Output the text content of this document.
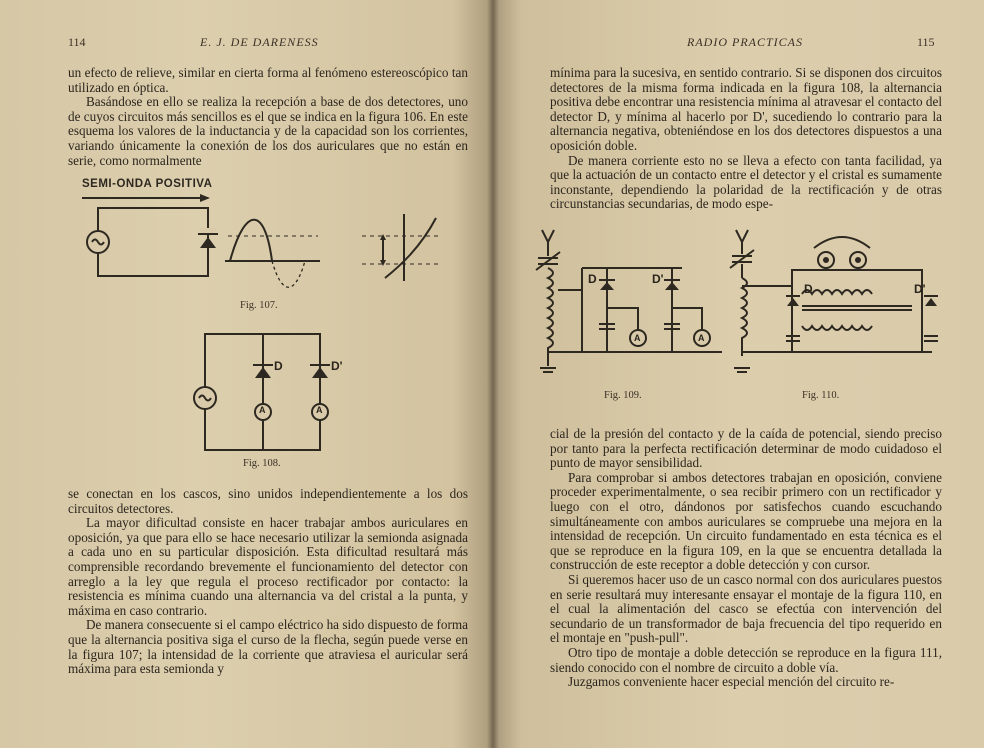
114	E. J. DE DARENESS

un efecto de relieve, similar en cierta forma al fenómeno estereoscópico tan utilizado en óptica.

Basándose en ello se realiza la recepción a base de dos detectores, uno de cuyos circuitos más sencillos es el que se indica en la figura 106. En este esquema los valores de la inductancia y de la capacidad son los corrientes, variando únicamente la conexión de los dos auriculares que no están en serie, como normalmente

SEMI-ONDA POSITIVA
Fig. 107.
D	D'
A	A
Fig. 108.

se conectan en los cascos, sino unidos independientemente a los dos circuitos detectores.

La mayor dificultad consiste en hacer trabajar ambos auriculares en oposición, ya que para ello se hace necesario utilizar la semionda asignada a cada uno en su particular disposición. Esta dificultad resultará más comprensible recordando brevemente el funcionamiento del detector con arreglo a la ley que regula el proceso rectificador por contacto: la resistencia es mínima cuando una alternancia va del cristal a la punta, y máxima en caso contrario.

De manera consecuente si el campo eléctrico ha sido dispuesto de forma que la alternancia positiva siga el curso de la flecha, según puede verse en la figura 107; la intensidad de la corriente que atraviesa el auricular será máxima para esta semionda y

RADIO PRACTICAS	115

mínima para la sucesiva, en sentido contrario. Si se disponen dos circuitos detectores de la misma forma indicada en la figura 108, la alternancia positiva debe encontrar una resistencia mínima al atravesar el contacto del detector D, y mínima al hacerlo por D', sucediendo lo contrario para la alternancia negativa, obteniéndose en los dos detectores dispuestos a una oposición doble.

De manera corriente esto no se lleva a efecto con tanta facilidad, ya que la actuación de un contacto entre el detector y el cristal es sumamente inconstante, dependiendo la polaridad de la rectificación y de otras circunstancias secundarias, de modo espe-

D	D'
A	A
Fig. 109.
D	D'
Fig. 110.

cial de la presión del contacto y de la caída de potencial, siendo preciso por tanto para la perfecta rectificación determinar de modo cuidadoso el punto de mayor sensibilidad.

Para comprobar si ambos detectores trabajan en oposición, conviene proceder experimentalmente, o sea recibir primero con un rectificador y luego con el otro, dándonos por satisfechos cuando escuchando simultáneamente con ambos auriculares se compruebe una mejora en la intensidad de recepción. Un circuito fundamentado en esta técnica es el que se reproduce en la figura 109, en la que se encuentra detallada la construcción de este receptor a doble detección y con cursor.

Si queremos hacer uso de un casco normal con dos auriculares puestos en serie resultará muy interesante ensayar el montaje de la figura 110, en el cual la alimentación del casco se efectúa con intervención del secundario de un transformador de baja frecuencia del tipo requerido en el montaje en "push-pull".

Otro tipo de montaje a doble detección se reproduce en la figura 111, siendo conocido con el nombre de circuito a doble vía.

Juzgamos conveniente hacer especial mención del circuito re-
